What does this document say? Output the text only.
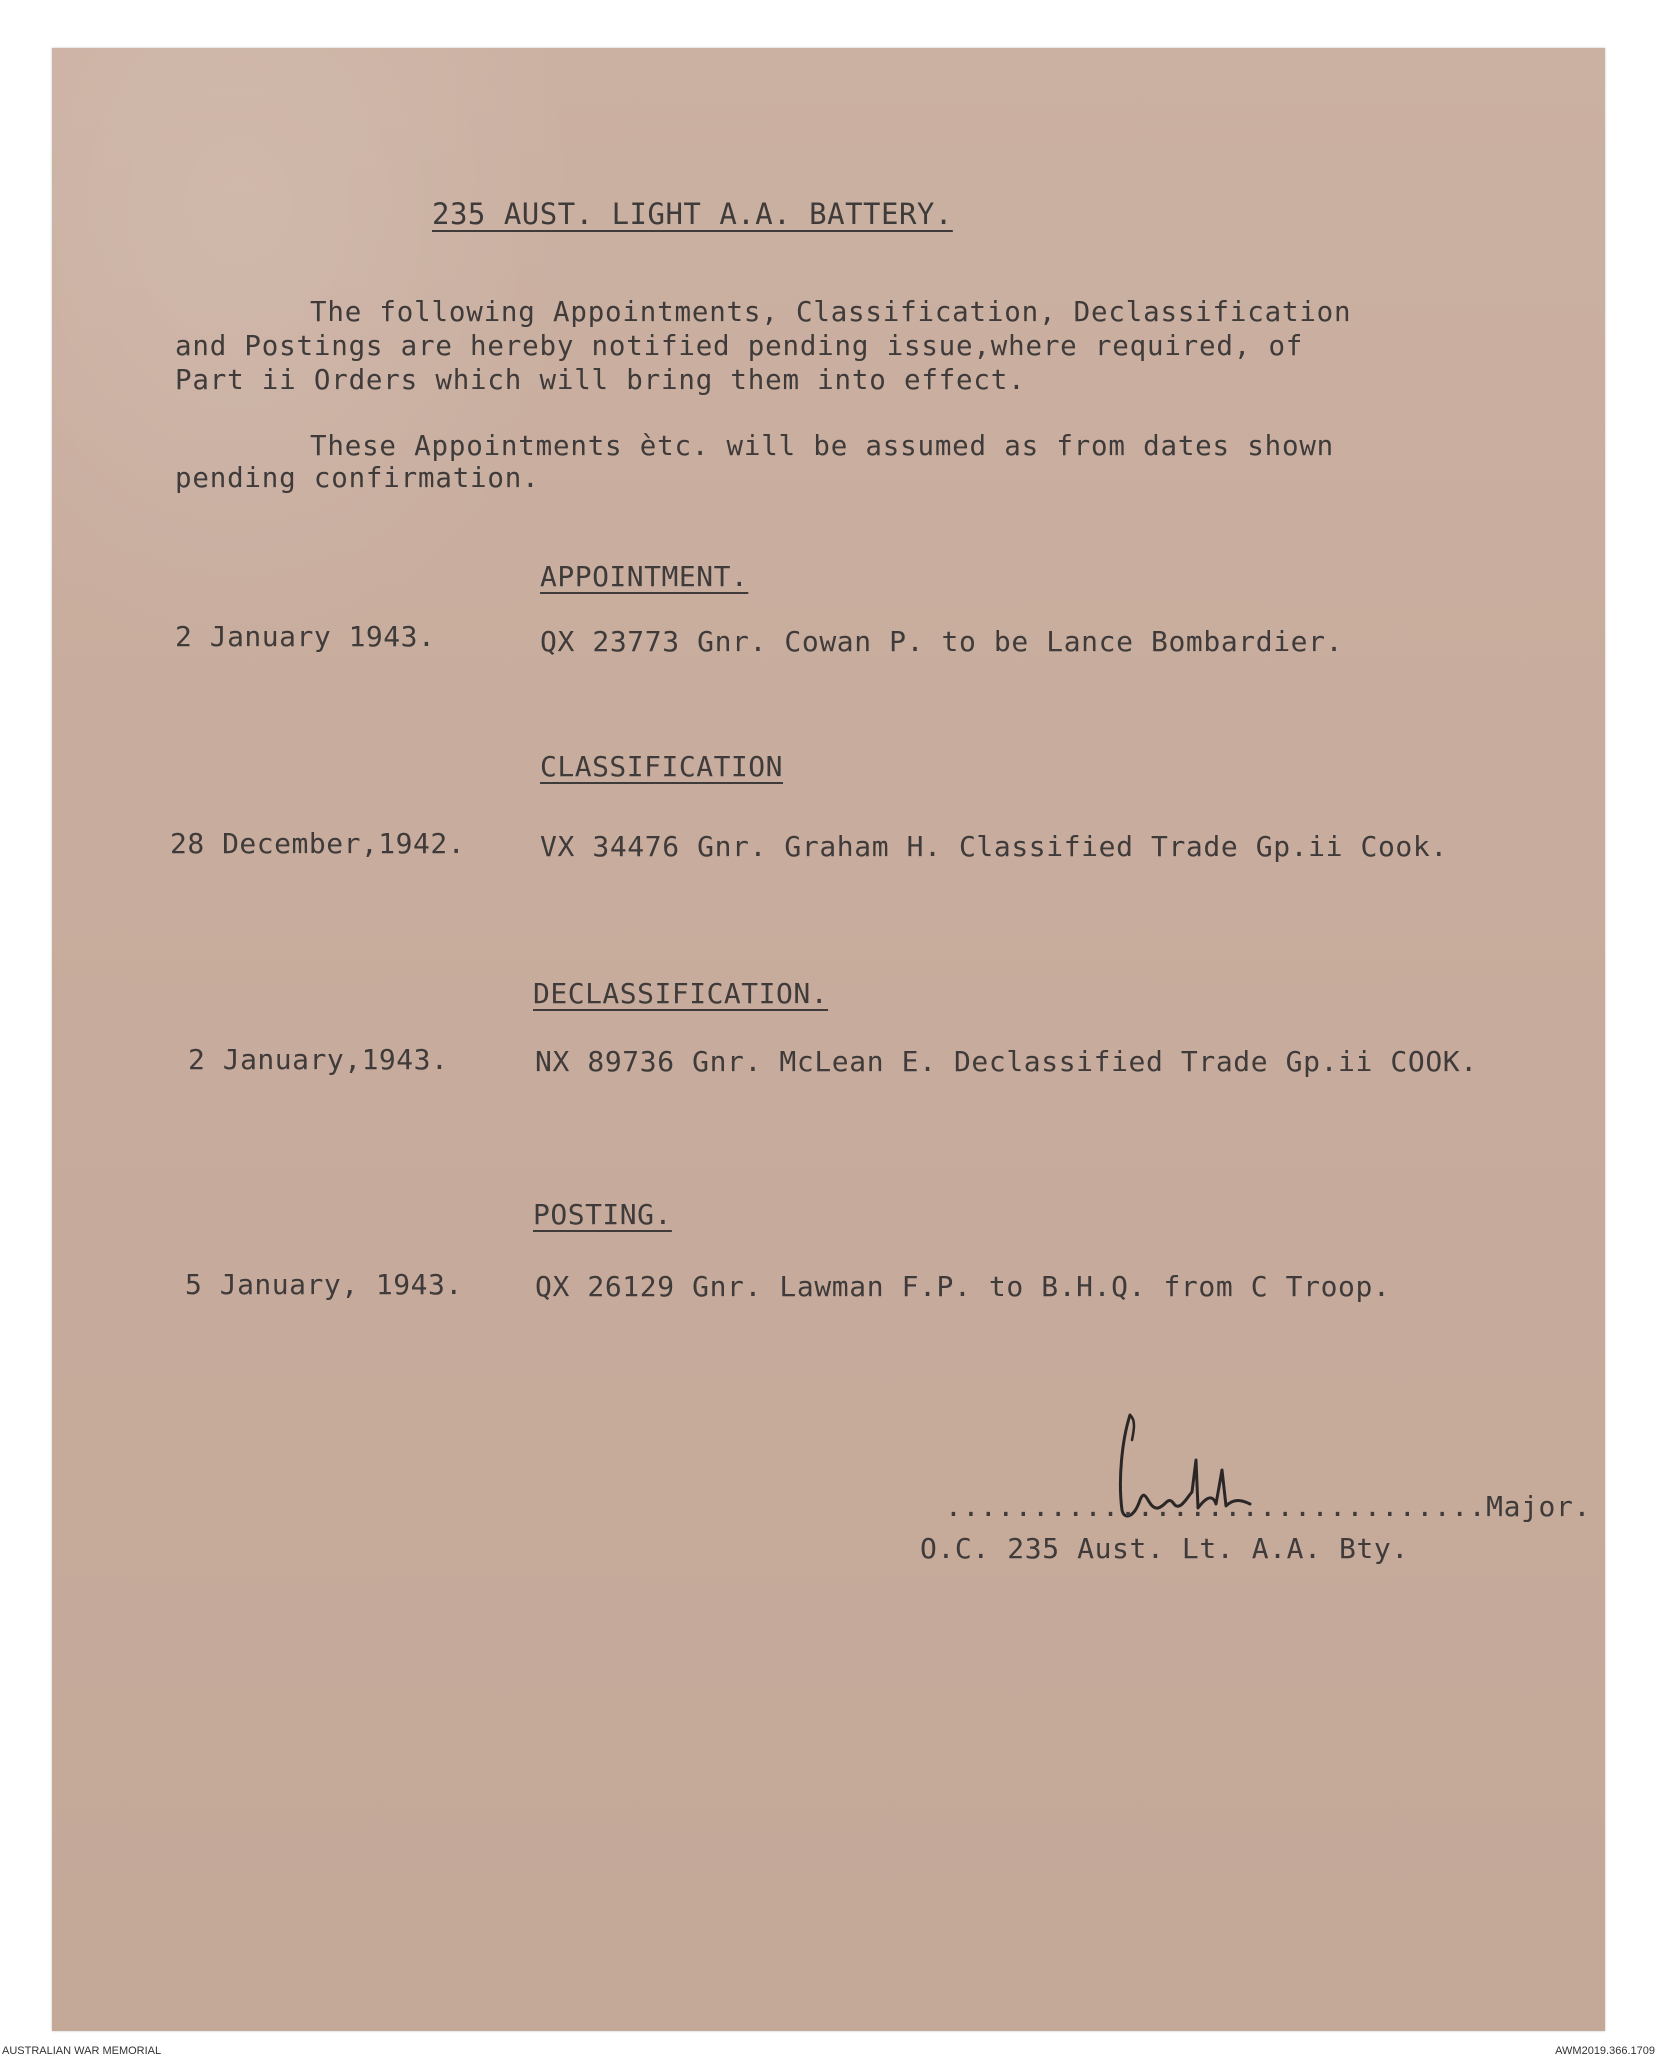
235 AUST. LIGHT A.A. BATTERY.
The following Appointments, Classification, Declassification
and Postings are hereby notified pending issue,where required, of
Part ii Orders which will bring them into effect.
These Appointments ètc. will be assumed as from dates shown
pending confirmation.
APPOINTMENT.
2 January 1943.	QX 23773 Gnr. Cowan P. to be Lance Bombardier.
CLASSIFICATION
28 December,1942.	VX 34476 Gnr. Graham H. Classified Trade Gp.ii Cook.
DECLASSIFICATION.
2 January,1943.	NX 89736 Gnr. McLean E. Declassified Trade Gp.ii COOK.
POSTING.
5 January, 1943.	QX 26129 Gnr. Lawman F.P. to B.H.Q. from C Troop.
...............................Major.
O.C. 235 Aust. Lt. A.A. Bty.
AUSTRALIAN WAR MEMORIAL	AWM2019.366.1709
